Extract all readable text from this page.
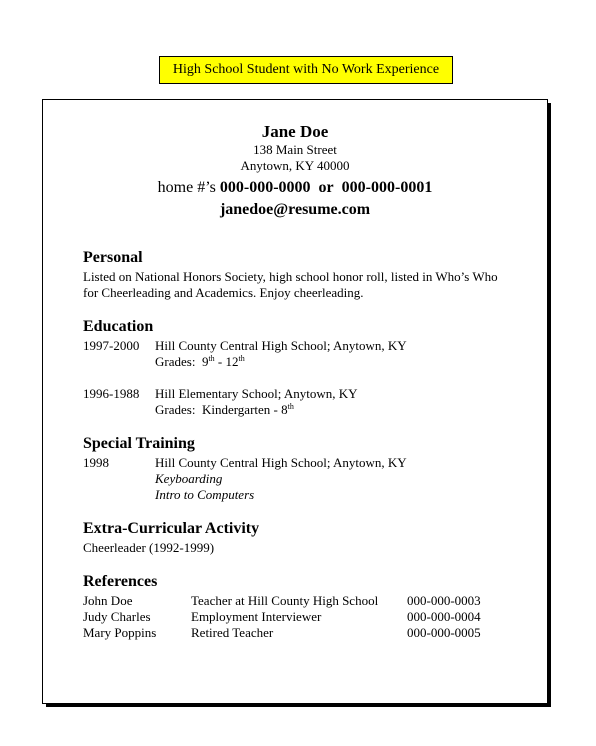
High School Student with No Work Experience
Jane Doe
138 Main Street
Anytown, KY 40000
home #’s 000-000-0000 or 000-000-0001
janedoe@resume.com
Personal
Listed on National Honors Society, high school honor roll, listed in Who’s Who for Cheerleading and Academics. Enjoy cheerleading.
Education
1997-2000 Hill County Central High School; Anytown, KY
Grades: 9th - 12th
1996-1988 Hill Elementary School; Anytown, KY
Grades: Kindergarten - 8th
Special Training
1998	Hill County Central High School; Anytown, KY
Keyboarding
Intro to Computers
Extra-Curricular Activity
Cheerleader (1992-1999)
References
John Doe	Teacher at Hill County High School 000-000-0003
Judy Charles	Employment Interviewer	000-000-0004
Mary Poppins	Retired Teacher	000-000-0005
